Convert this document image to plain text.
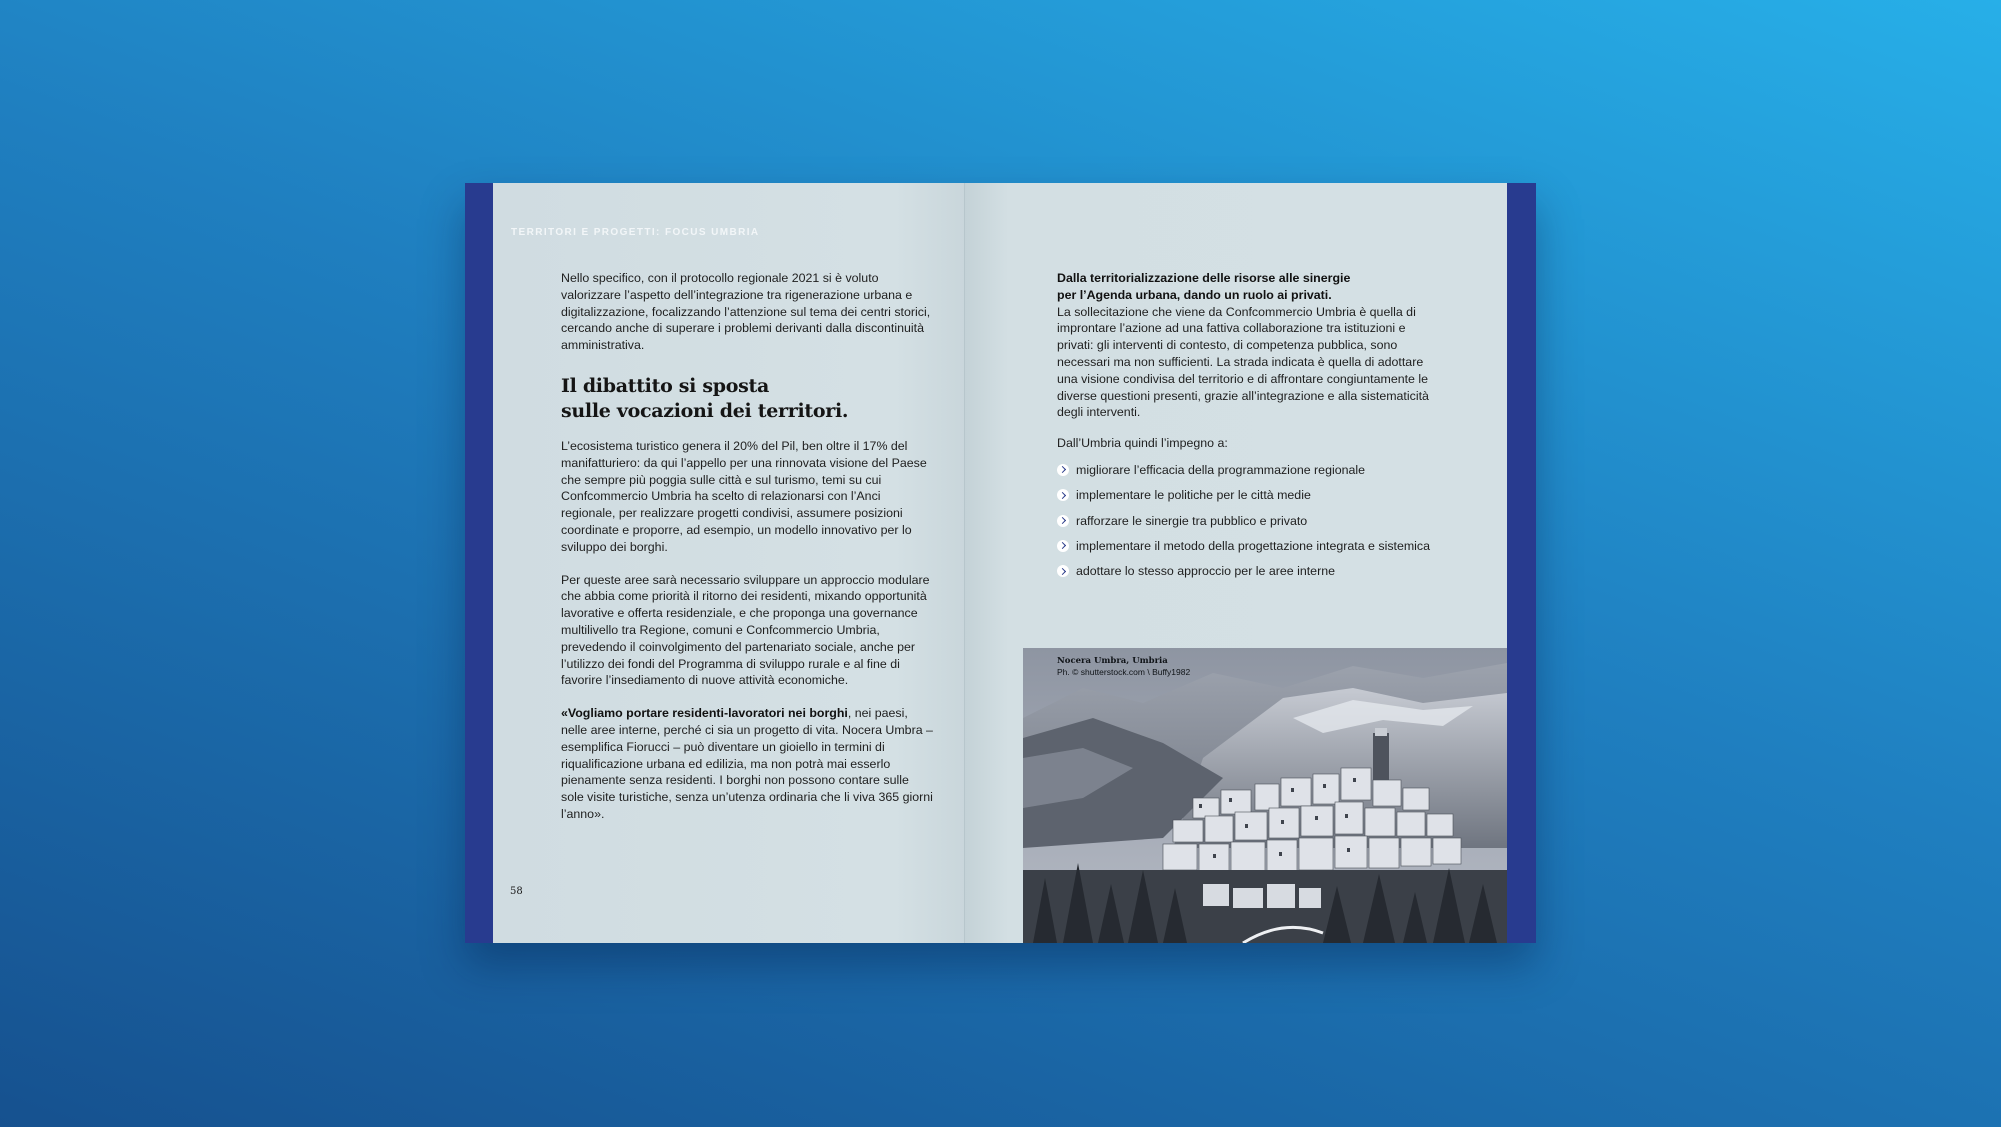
TERRITORI E PROGETTI: FOCUS UMBRIA

Nello specifico, con il protocollo regionale 2021 si è voluto valorizzare l’aspetto dell’integrazione tra rigenerazione urbana e digitalizzazione, focalizzando l’attenzione sul tema dei centri storici, cercando anche di superare i problemi derivanti dalla discontinuità amministrativa.

Il dibattito si sposta
sulle vocazioni dei territori.

L’ecosistema turistico genera il 20% del Pil, ben oltre il 17% del manifatturiero: da qui l’appello per una rinnovata visione del Paese che sempre più poggia sulle città e sul turismo, temi su cui Confcommercio Umbria ha scelto di relazionarsi con l’Anci regionale, per realizzare progetti condivisi, assumere posizioni coordinate e proporre, ad esempio, un modello innovativo per lo sviluppo dei borghi.

Per queste aree sarà necessario sviluppare un approccio modulare che abbia come priorità il ritorno dei residenti, mixando opportunità lavorative e offerta residenziale, e che proponga una governance multilivello tra Regione, comuni e Confcommercio Umbria, prevedendo il coinvolgimento del partenariato sociale, anche per l’utilizzo dei fondi del Programma di sviluppo rurale e al fine di favorire l’insediamento di nuove attività economiche.

«Vogliamo portare residenti-lavoratori nei borghi, nei paesi, nelle aree interne, perché ci sia un progetto di vita. Nocera Umbra – esemplifica Fiorucci – può diventare un gioiello in termini di riqualificazione urbana ed edilizia, ma non potrà mai esserlo pienamente senza residenti. I borghi non possono contare sulle sole visite turistiche, senza un’utenza ordinaria che li viva 365 giorni l’anno».

58

Dalla territorializzazione delle risorse alle sinergie
per l’Agenda urbana, dando un ruolo ai privati.

La sollecitazione che viene da Confcommercio Umbria è quella di improntare l’azione ad una fattiva collaborazione tra istituzioni e privati: gli interventi di contesto, di competenza pubblica, sono necessari ma non sufficienti. La strada indicata è quella di adottare una visione condivisa del territorio e di affrontare congiuntamente le diverse questioni presenti, grazie all’integrazione e alla sistematicità degli interventi.

Dall’Umbria quindi l’impegno a:

migliorare l’efficacia della programmazione regionale
implementare le politiche per le città medie
rafforzare le sinergie tra pubblico e privato
implementare il metodo della progettazione integrata e sistemica
adottare lo stesso approccio per le aree interne
Nocera Umbra, Umbria
Ph. © shutterstock.com \ Buffy1982
